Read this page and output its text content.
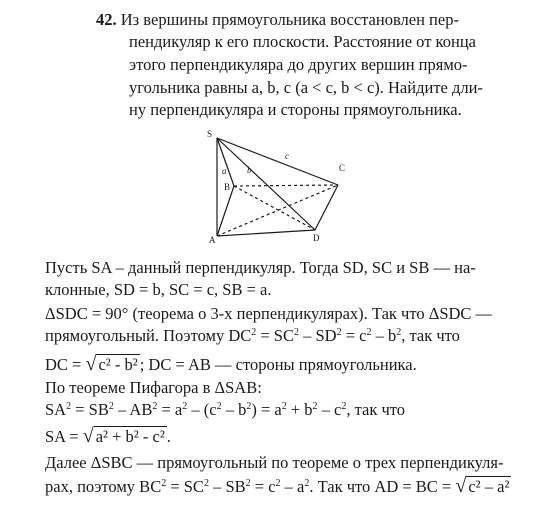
42. Из вершины прямоугольника восстановлен пер-
пендикуляр к его плоскости. Расстояние от конца
этого перпендикуляра до других вершин прямо-
угольника равны a, b, c (a < c, b < c). Найдите дли-
ну перпендикуляра и стороны прямоугольника.
S
c
a b	C
B
A	D
Пусть SA – данный перпендикуляр. Тогда SD, SC и SB — на-
клонные, SD = b, SC = c, SB = a.
ΔSDC = 90° (теорема о 3-х перпендикулярах). Так что ΔSDC —
прямоугольный. Поэтому $DC^2 = SC^2 - SD^2 = c^2 - b^2$, так что
DC = √ c² - b² ; DC = AB — стороны прямоугольника.
По теореме Пифагора в ΔSAB:
$SA^2 = SB^2 - AB^2 = a^2 - (c^2 - b^2) = a^2 + b^2 - c^2$, так что
SA = √ a² + b² - c² .
Далее ΔSBC — прямоугольный по теореме о трех перпендикуля-
рах, поэтому $BC^2 = SC^2 - SB^2 = c^2 - a^2$. Так что AD = BC = √ c² – a²
